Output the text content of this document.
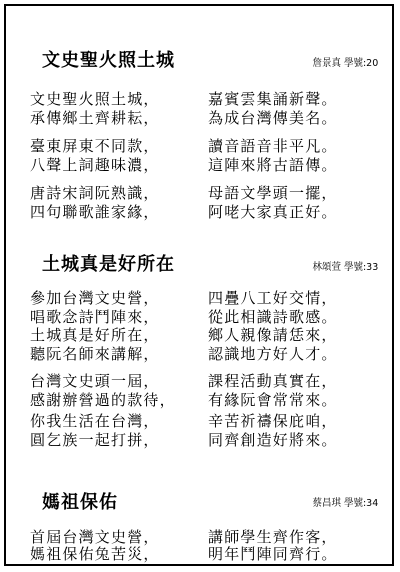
文史聖火照土城	詹景真 學號:20
文史聖火照土城，	嘉賓雲集誦新聲。
承傳鄉土齊耕耘，	為成台灣傳美名。
臺東屏東不同款，	讀音語音非平凡。
八聲上詞趣味濃，	這陣來將古語傳。
唐詩宋詞阮熟識，	母語文學頭一擺，
四句聯歌誰家緣，	阿咾大家真正好。
土城真是好所在	林頌萱 學號:33
參加台灣文史營，	四疊八工好交情，
唱歌念詩鬥陣來，	從此相識詩歌感。
土城真是好所在，	鄉人親像請恁來，
聽阮名師來講解，	認識地方好人才。
台灣文史頭一屆，	課程活動真實在，
感謝辦營過的款待， 有緣阮會常常來。
你我生活在台灣，	辛苦祈禱保庇咱，
圓乞族一起打拼，	同齊創造好將來。
媽祖保佑	蔡昌琪 學號:34
首屆台灣文史營，	講師學生齊作客，
媽祖保佑兔苦災，	明年鬥陣同齊行。
